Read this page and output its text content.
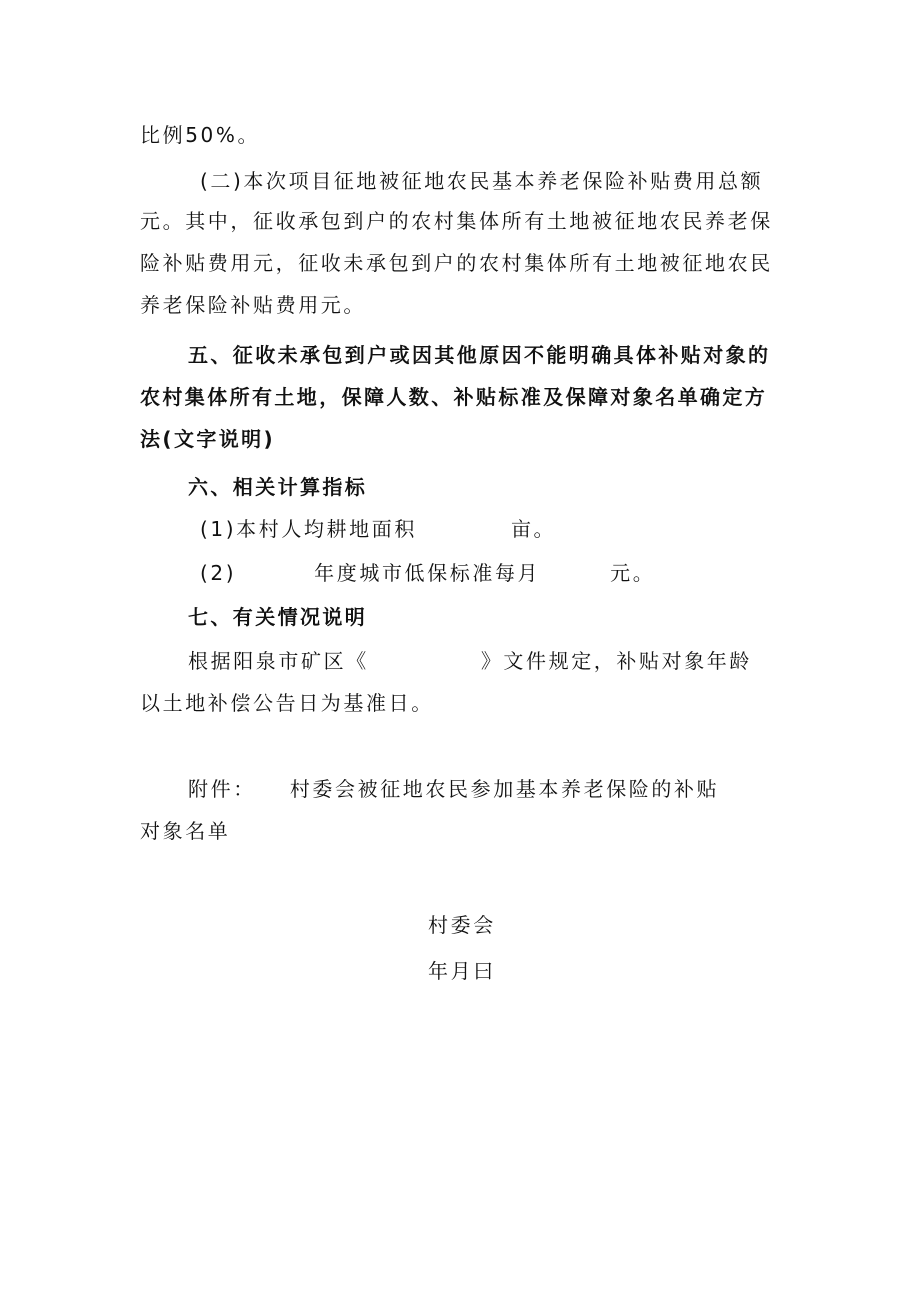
比例50%。
(二)本次项目征地被征地农民基本养老保险补贴费用总额
元。其中，征收承包到户的农村集体所有土地被征地农民养老保
险补贴费用元，征收未承包到户的农村集体所有土地被征地农民
养老保险补贴费用元。
五、征收未承包到户或因其他原因不能明确具体补贴对象的
农村集体所有土地，保障人数、补贴标准及保障对象名单确定方
法(文字说明)
六、相关计算指标
(1)本村人均耕地面积	亩。
(2)	年度城市低保标准每月	元。
七、有关情况说明
根据阳泉市矿区《	》文件规定，补贴对象年龄
以土地补偿公告日为基准日。
附件： 村委会被征地农民参加基本养老保险的补贴
对象名单
村委会
年月曰
